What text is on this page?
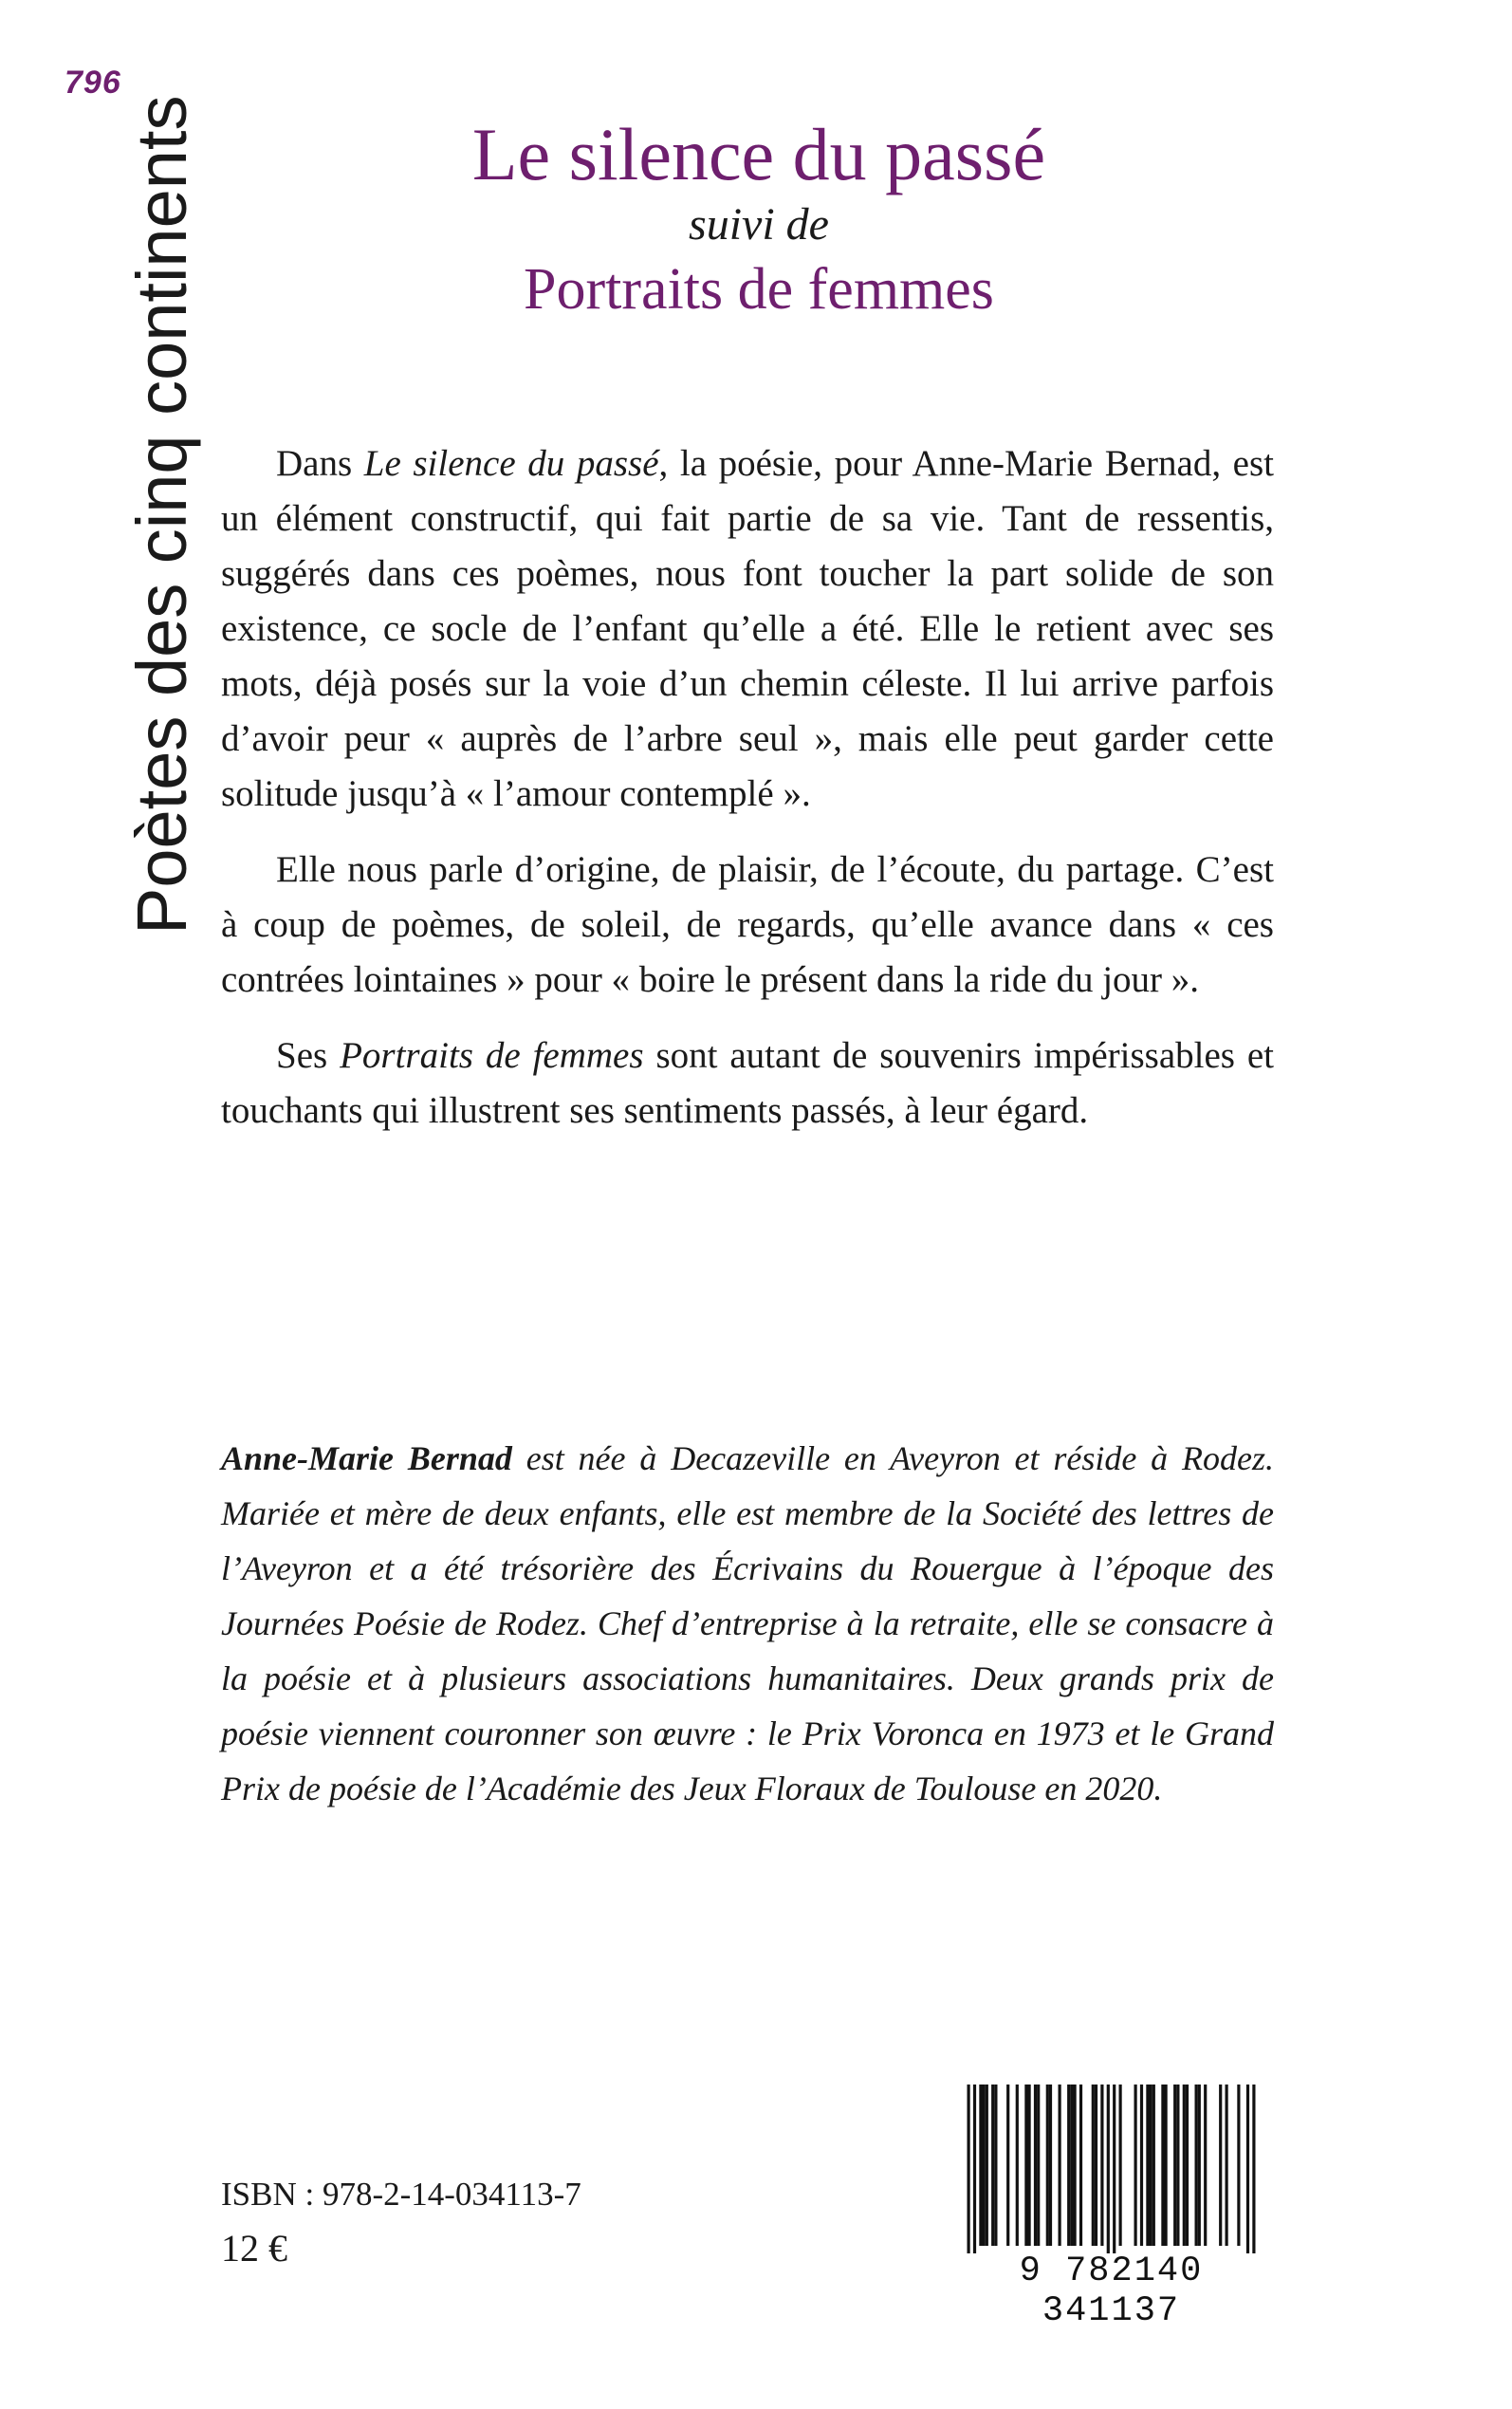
796
Poètes des cinq continents	Le silence du passé
suivi de
Portraits de femmes

Dans Le silence du passé, la poésie, pour Anne-Marie Bernad, est un élément constructif, qui fait partie de sa vie. Tant de ressentis, suggérés dans ces poèmes, nous font toucher la part solide de son existence, ce socle de l’enfant qu’elle a été. Elle le retient avec ses mots, déjà posés sur la voie d’un chemin céleste. Il lui arrive parfois d’avoir peur « auprès de l’arbre seul », mais elle peut garder cette solitude jusqu’à « l’amour contemplé ».

Elle nous parle d’origine, de plaisir, de l’écoute, du partage. C’est à coup de poèmes, de soleil, de regards, qu’elle avance dans « ces contrées lointaines » pour « boire le présent dans la ride du jour ».

Ses Portraits de femmes sont autant de souvenirs impérissables et touchants qui illustrent ses sentiments passés, à leur égard.

Anne-Marie Bernad est née à Decazeville en Aveyron et réside à Rodez. Mariée et mère de deux enfants, elle est membre de la Société des lettres de l’Aveyron et a été trésorière des Écrivains du Rouergue à l’époque des Journées Poésie de Rodez. Chef d’entreprise à la retraite, elle se consacre à la poésie et à plusieurs associations humanitaires. Deux grands prix de poésie viennent couronner son œuvre : le Prix Voronca en 1973 et le Grand Prix de poésie de l’Académie des Jeux Floraux de Toulouse en 2020.
ISBN : 978-2-14-034113-7
12 €
9 782140 341137
